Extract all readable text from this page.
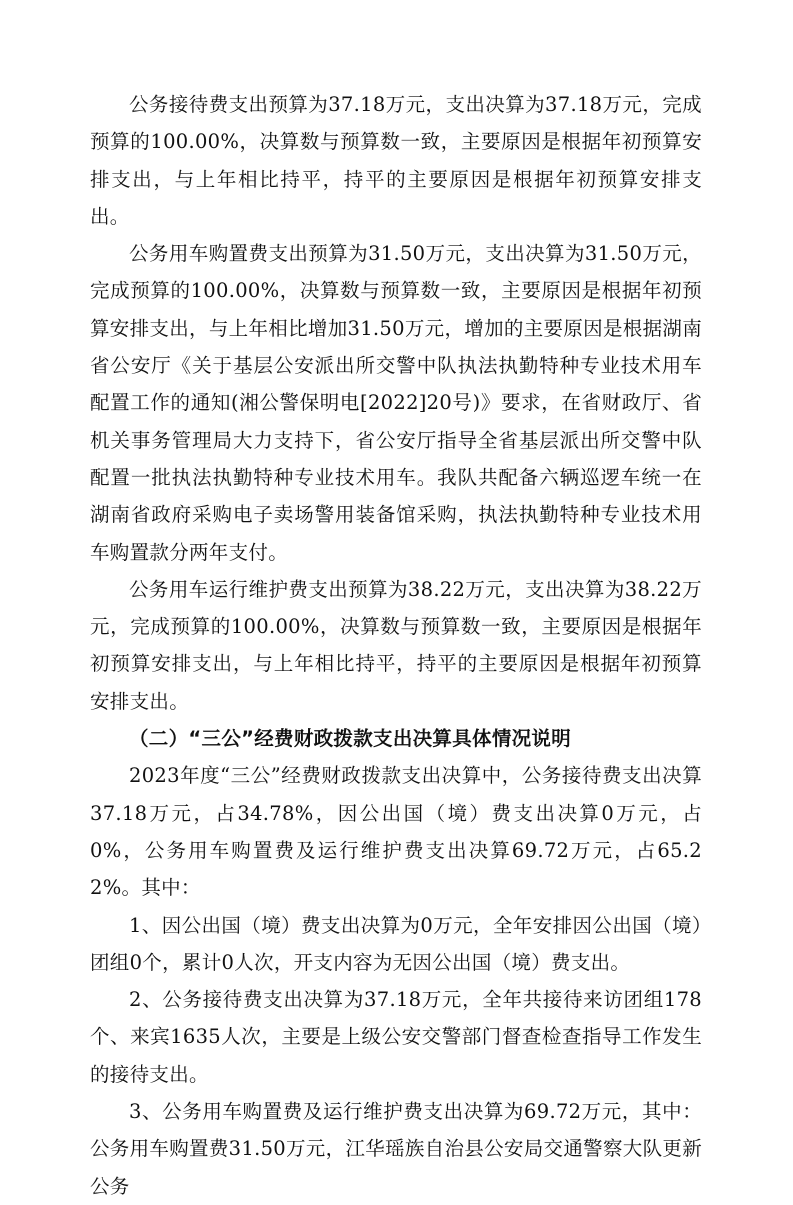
公务接待费支出预算为37.18万元，支出决算为37.18万元，完成预算的100.00%，决算数与预算数一致，主要原因是根据年初预算安排支出，与上年相比持平，持平的主要原因是根据年初预算安排支出。

公务用车购置费支出预算为31.50万元，支出决算为31.50万元，完成预算的100.00%，决算数与预算数一致，主要原因是根据年初预算安排支出，与上年相比增加31.50万元，增加的主要原因是根据湖南省公安厅《关于基层公安派出所交警中队执法执勤特种专业技术用车配置工作的通知(湘公警保明电[2022]20号)》要求，在省财政厅、省机关事务管理局大力支持下，省公安厅指导全省基层派出所交警中队配置一批执法执勤特种专业技术用车。我队共配备六辆巡逻车统一在湖南省政府采购电子卖场警用装备馆采购，执法执勤特种专业技术用车购置款分两年支付。

公务用车运行维护费支出预算为38.22万元，支出决算为38.22万元，完成预算的100.00%，决算数与预算数一致，主要原因是根据年初预算安排支出，与上年相比持平，持平的主要原因是根据年初预算安排支出。

（二）“三公”经费财政拨款支出决算具体情况说明

2023年度“三公”经费财政拨款支出决算中，公务接待费支出决算37.18万元，占34.78%，因公出国（境）费支出决算0万元，占0%，公务用车购置费及运行维护费支出决算69.72万元，占65.22%。其中：

1、因公出国（境）费支出决算为0万元，全年安排因公出国（境）团组0个，累计0人次，开支内容为无因公出国（境）费支出。

2、公务接待费支出决算为37.18万元，全年共接待来访团组178个、来宾1635人次，主要是上级公安交警部门督查检查指导工作发生的接待支出。

3、公务用车购置费及运行维护费支出决算为69.72万元，其中：公务用车购置费31.50万元，江华瑶族自治县公安局交通警察大队更新公务
